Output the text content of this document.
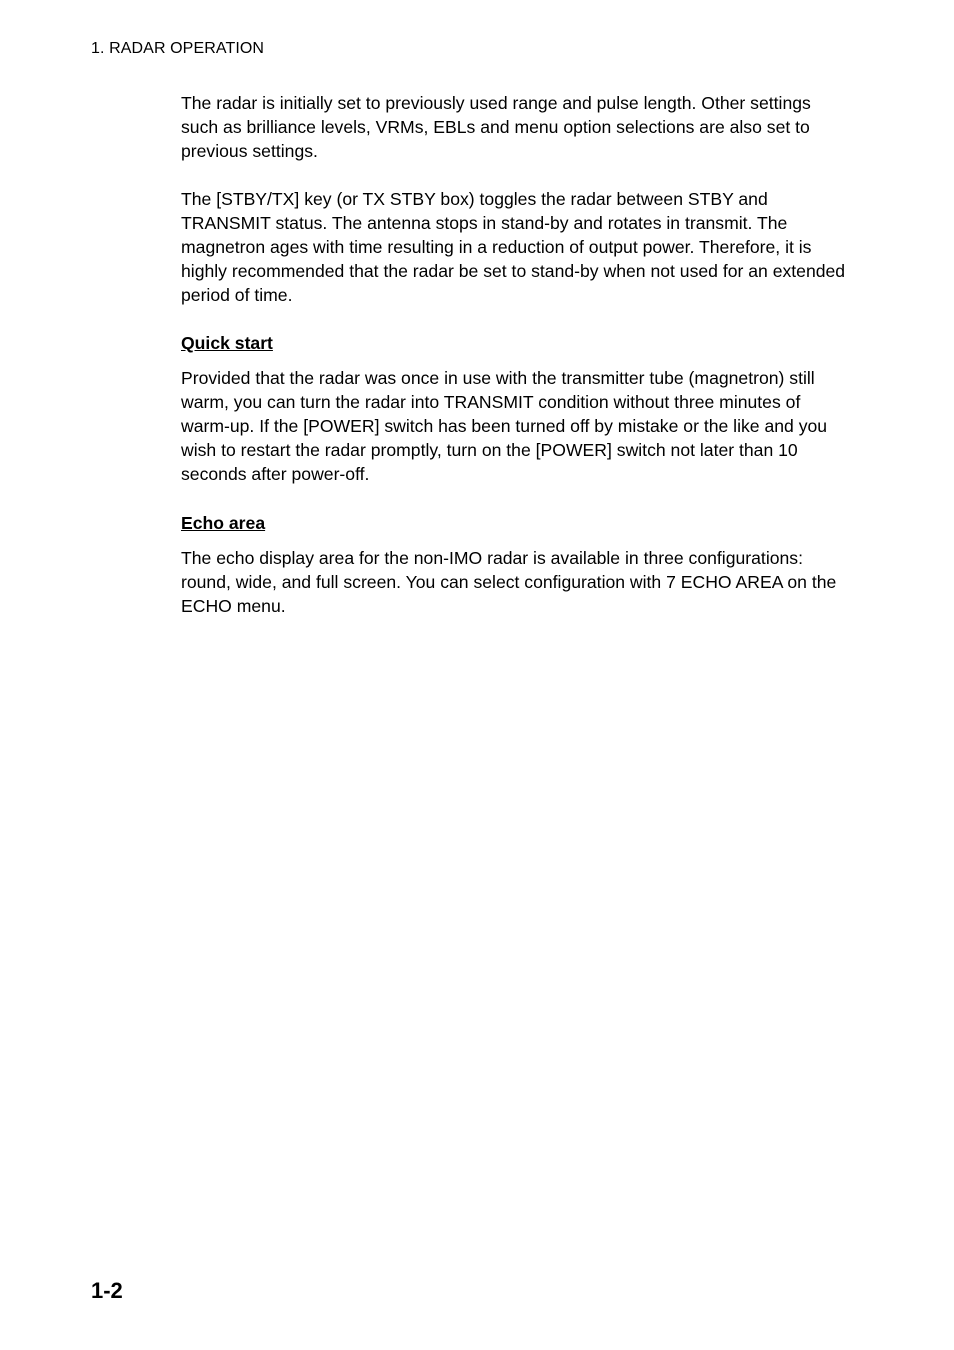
1. RADAR OPERATION

The radar is initially set to previously used range and pulse length. Other settings such as brilliance levels, VRMs, EBLs and menu option selections are also set to previous settings.

The [STBY/TX] key (or TX STBY box) toggles the radar between STBY and TRANSMIT status. The antenna stops in stand-by and rotates in transmit. The magnetron ages with time resulting in a reduction of output power. Therefore, it is highly recommended that the radar be set to stand-by when not used for an extended period of time.

Quick start

Provided that the radar was once in use with the transmitter tube (magnetron) still warm, you can turn the radar into TRANSMIT condition without three minutes of warm-up. If the [POWER] switch has been turned off by mistake or the like and you wish to restart the radar promptly, turn on the [POWER] switch not later than 10 seconds after power-off.

Echo area

The echo display area for the non-IMO radar is available in three configurations: round, wide, and full screen. You can select configuration with 7 ECHO AREA on the ECHO menu.

1-2
